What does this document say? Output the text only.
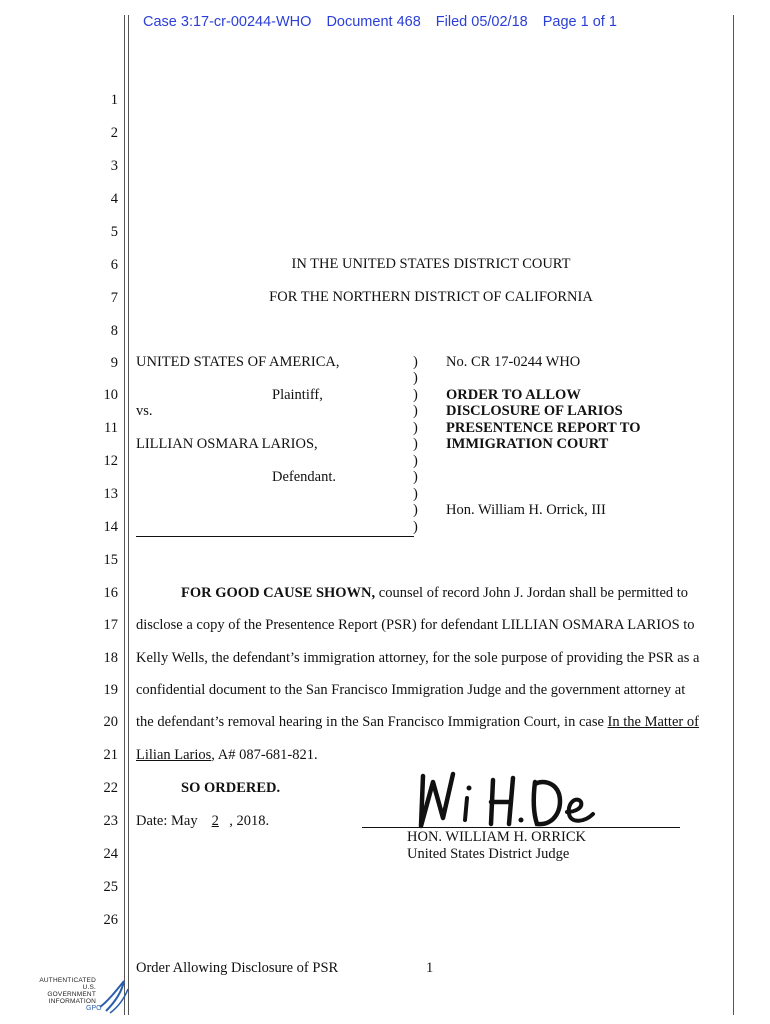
Case 3:17-cr-00244-WHO Document 468 Filed 05/02/18 Page 1 of 1
1
2
3
4
5
6
7
8
9
10
11
12
13
14
15
16
17
18
19
20
21
22
23
24
25
26
IN THE UNITED STATES DISTRICT COURT
FOR THE NORTHERN DISTRICT OF CALIFORNIA
UNITED STATES OF AMERICA,
Plaintiff,
vs.
LILLIAN OSMARA LARIOS,
Defendant.
)
)
)
)
)
)
)
)
)
)
)
No. CR 17-0244 WHO
ORDER TO ALLOW
DISCLOSURE OF LARIOS
PRESENTENCE REPORT TO
IMMIGRATION COURT
Hon. William H. Orrick, III
FOR GOOD CAUSE SHOWN, counsel of record John J. Jordan shall be permitted to
disclose a copy of the Presentence Report (PSR) for defendant LILLIAN OSMARA LARIOS to
Kelly Wells, the defendant’s immigration attorney, for the sole purpose of providing the PSR as a
confidential document to the San Francisco Immigration Judge and the government attorney at
the defendant’s removal hearing in the San Francisco Immigration Court, in case In the Matter of
Lilian Larios, A# 087-681-821.
SO ORDERED.
Date: May 2 , 2018.
HON. WILLIAM H. ORRICK
United States District Judge
Order Allowing Disclosure of PSR	1
AUTHENTICATED
U.S. GOVERNMENT
INFORMATION
GPO
